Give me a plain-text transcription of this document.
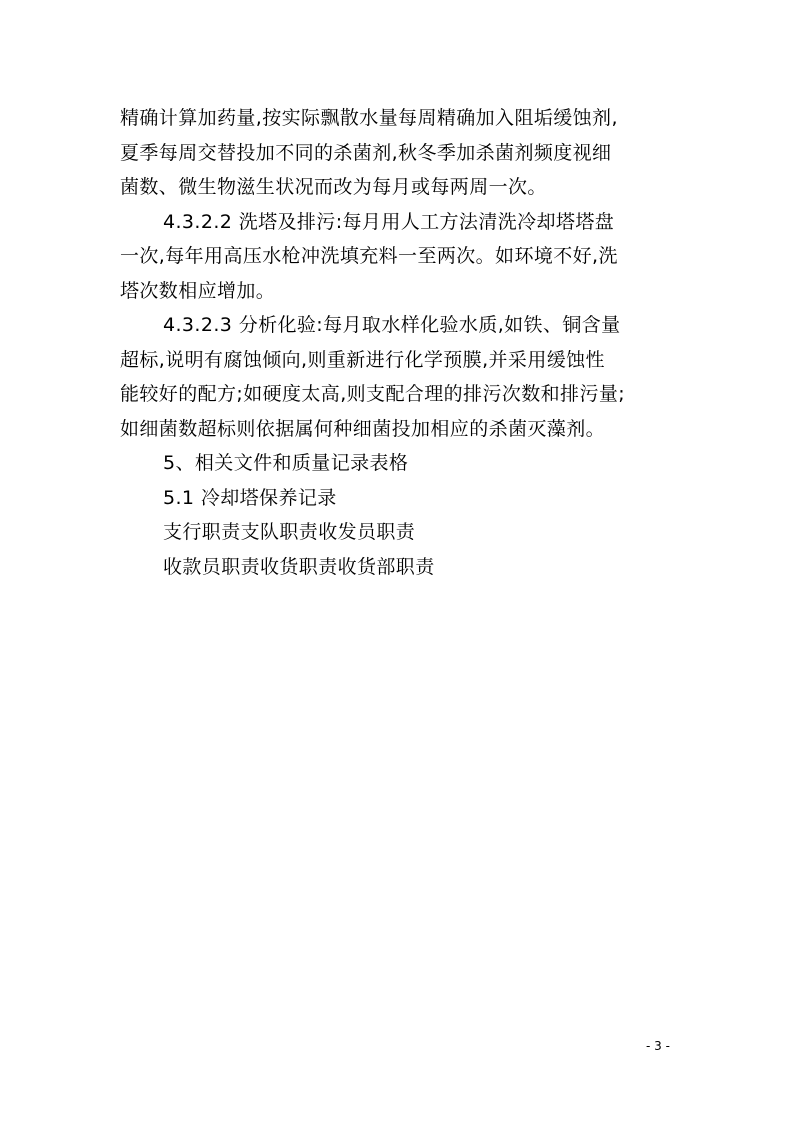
精确计算加药量,按实际飘散水量每周精确加入阻垢缓蚀剂,
夏季每周交替投加不同的杀菌剂,秋冬季加杀菌剂频度视细
菌数、微生物滋生状况而改为每月或每两周一次。
4.3.2.2 洗塔及排污:每月用人工方法清洗冷却塔塔盘
一次,每年用高压水枪冲洗填充料一至两次。如环境不好,洗
塔次数相应增加。
4.3.2.3 分析化验:每月取水样化验水质,如铁、铜含量
超标,说明有腐蚀倾向,则重新进行化学预膜,并采用缓蚀性
能较好的配方;如硬度太高,则支配合理的排污次数和排污量;
如细菌数超标则依据属何种细菌投加相应的杀菌灭藻剂。
5、相关文件和质量记录表格
5.1 冷却塔保养记录
支行职责支队职责收发员职责
收款员职责收货职责收货部职责
- 3 -
